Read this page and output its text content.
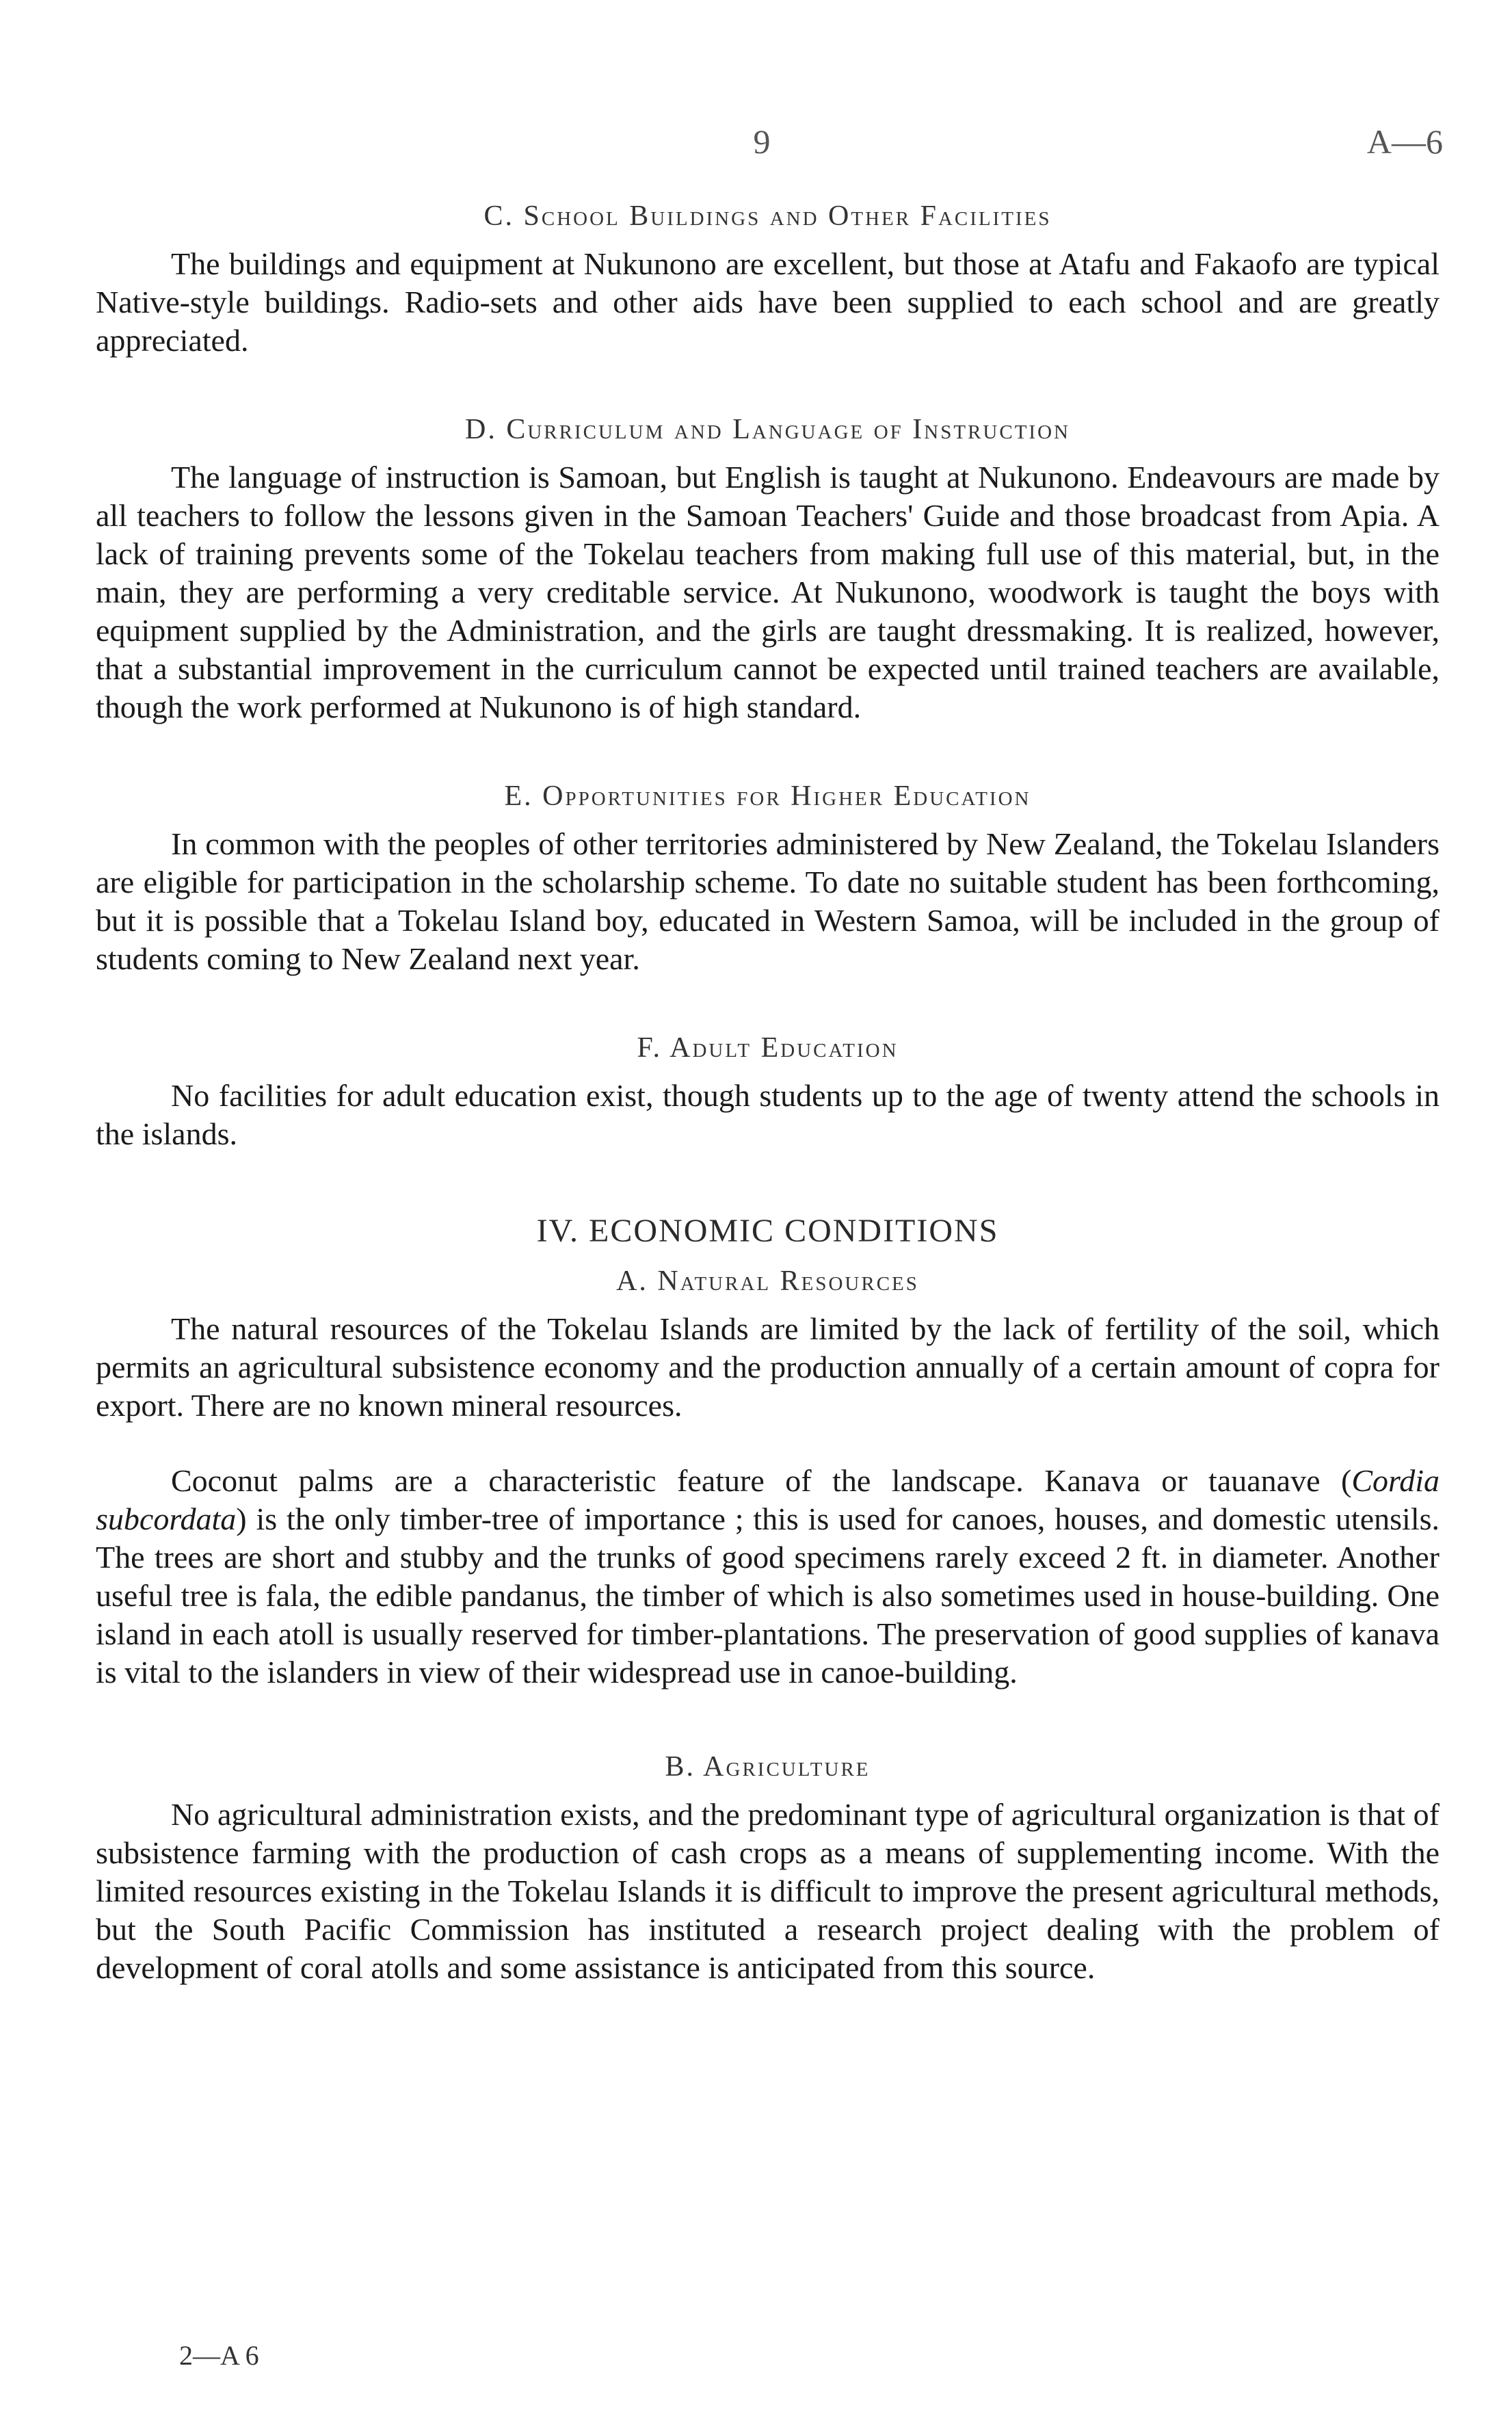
9	A—6
C. School Buildings and Other Facilities

The buildings and equipment at Nukunono are excellent, but those at Atafu and Fakaofo are typical Native-style buildings. Radio-sets and other aids have been supplied to each school and are greatly appreciated.

D. Curriculum and Language of Instruction

The language of instruction is Samoan, but English is taught at Nukunono. Endeavours are made by all teachers to follow the lessons given in the Samoan Teachers' Guide and those broadcast from Apia. A lack of training prevents some of the Tokelau teachers from making full use of this material, but, in the main, they are performing a very creditable service. At Nukunono, woodwork is taught the boys with equipment supplied by the Administration, and the girls are taught dressmaking. It is realized, however, that a substantial improvement in the curriculum cannot be expected until trained teachers are available, though the work performed at Nukunono is of high standard.

E. Opportunities for Higher Education

In common with the peoples of other territories administered by New Zealand, the Tokelau Islanders are eligible for participation in the scholarship scheme. To date no suitable student has been forthcoming, but it is possible that a Tokelau Island boy, educated in Western Samoa, will be included in the group of students coming to New Zealand next year.

F. Adult Education

No facilities for adult education exist, though students up to the age of twenty attend the schools in the islands.

IV. ECONOMIC CONDITIONS
A. Natural Resources

The natural resources of the Tokelau Islands are limited by the lack of fertility of the soil, which permits an agricultural subsistence economy and the production annually of a certain amount of copra for export. There are no known mineral resources.

Coconut palms are a characteristic feature of the landscape. Kanava or tauanave (Cordia subcordata) is the only timber-tree of importance ; this is used for canoes, houses, and domestic utensils. The trees are short and stubby and the trunks of good specimens rarely exceed 2 ft. in diameter. Another useful tree is fala, the edible pandanus, the timber of which is also sometimes used in house-building. One island in each atoll is usually reserved for timber-plantations. The preservation of good supplies of kanava is vital to the islanders in view of their widespread use in canoe-building.

B. Agriculture

No agricultural administration exists, and the predominant type of agricultural organization is that of subsistence farming with the production of cash crops as a means of supplementing income. With the limited resources existing in the Tokelau Islands it is difficult to improve the present agricultural methods, but the South Pacific Commission has instituted a research project dealing with the problem of development of coral atolls and some assistance is anticipated from this source.

2—A 6
